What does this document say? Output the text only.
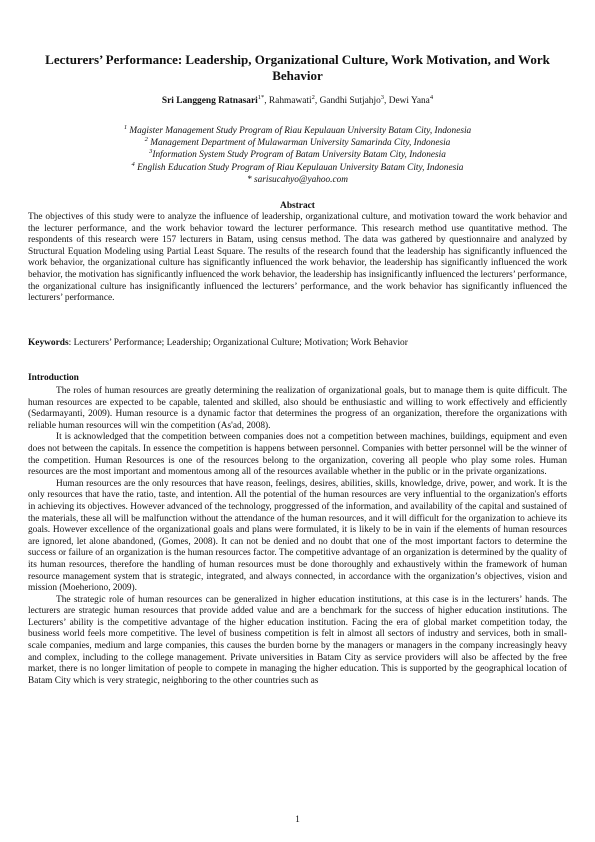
Lecturers’ Performance: Leadership, Organizational Culture, Work Motivation, and Work Behavior
Sri Langgeng Ratnasari$^{1*}$, Rahmawati$^2$, Gandhi Sutjahjo$^3$, Dewi Yana$^4$
$^1$ Magister Management Study Program of Riau Kepulauan University Batam City, Indonesia
$^2$ Management Department of Mulawarman University Samarinda City, Indonesia
$^3$Information System Study Program of Batam University Batam City, Indonesia
$^4$ English Education Study Program of Riau Kepulauan University Batam City, Indonesia
* sarisucahyo@yahoo.com
Abstract

The objectives of this study were to analyze the influence of leadership, organizational culture, and motivation toward the work behavior and the lecturer performance, and the work behavior toward the lecturer performance. This research method use quantitative method. The respondents of this research were 157 lecturers in Batam, using census method. The data was gathered by questionnaire and analyzed by Structural Equation Modeling using Partial Least Square. The results of the research found that the leadership has significantly influenced the work behavior, the organizational culture has significantly influenced the work behavior, the leadership has significantly influenced the work behavior, the motivation has significantly influenced the work behavior, the leadership has insignificantly influenced the lecturers’ performance, the organizational culture has insignificantly influenced the lecturers’ performance, and the work behavior has significantly influenced the lecturers’ performance.

Keywords: Lecturers’ Performance; Leadership; Organizational Culture; Motivation; Work Behavior
Introduction

The roles of human resources are greatly determining the realization of organizational goals, but to manage them is quite difficult. The human resources are expected to be capable, talented and skilled, also should be enthusiastic and willing to work effectively and efficiently (Sedarmayanti, 2009). Human resource is a dynamic factor that determines the progress of an organization, therefore the organizations with reliable human resources will win the competition (As'ad, 2008).

It is acknowledged that the competition between companies does not a competition between machines, buildings, equipment and even does not between the capitals. In essence the competition is happens between personnel. Companies with better personnel will be the winner of the competition. Human Resources is one of the resources belong to the organization, covering all people who play some roles. Human resources are the most important and momentous among all of the resources available whether in the public or in the private organizations.

Human resources are the only resources that have reason, feelings, desires, abilities, skills, knowledge, drive, power, and work. It is the only resources that have the ratio, taste, and intention. All the potential of the human resources are very influential to the organization's efforts in achieving its objectives. However advanced of the technology, proggressed of the information, and availability of the capital and sustained of the materials, these all will be malfunction without the attendance of the human resources, and it will difficult for the organization to achieve its goals. However excellence of the organizational goals and plans were formulated, it is likely to be in vain if the elements of human resources are ignored, let alone abandoned, (Gomes, 2008). It can not be denied and no doubt that one of the most important factors to determine the success or failure of an organization is the human resources factor. The competitive advantage of an organization is determined by the quality of its human resources, therefore the handling of human resources must be done thoroughly and exhaustively within the framework of human resource management system that is strategic, integrated, and always connected, in accordance with the organization’s objectives, vision and mission (Moeheriono, 2009).

The strategic role of human resources can be generalized in higher education institutions, at this case is in the lecturers’ hands. The lecturers are strategic human resources that provide added value and are a benchmark for the success of higher education institutions. The Lecturers’ ability is the competitive advantage of the higher education institution. Facing the era of global market competition today, the business world feels more competitive. The level of business competition is felt in almost all sectors of industry and services, both in small-scale companies, medium and large companies, this causes the burden borne by the managers or managers in the company increasingly heavy and complex, including to the college management. Private universities in Batam City as service providers will also be affected by the free market, there is no longer limitation of people to compete in managing the higher education. This is supported by the geographical location of Batam City which is very strategic, neighboring to the other countries such as

1
